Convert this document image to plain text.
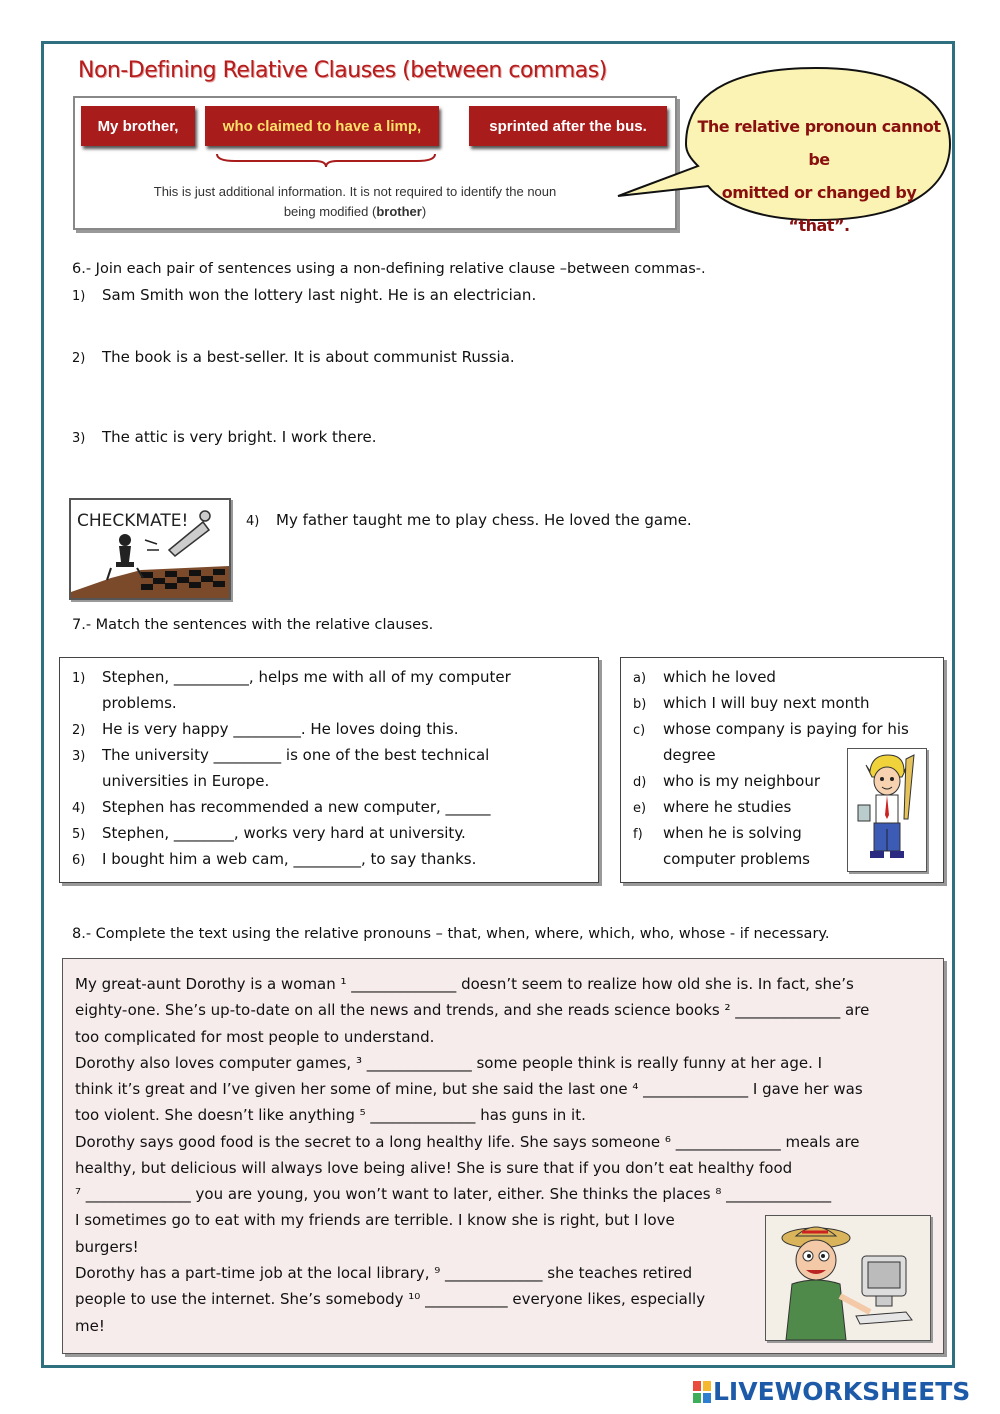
Non-Defining Relative Clauses (between commas)
My brother,	who claimed to have a limp,	sprinted after the bus.
This is just additional information. It is not required to identify the noun
being modified (brother)
The relative pronoun cannot be
omitted or changed by “that”.
6.- Join each pair of sentences using a non-defining relative clause –between commas-.
1) Sam Smith won the lottery last night. He is an electrician.
2) The book is a best-seller. It is about communist Russia.
3) The attic is very bright. I work there.
CHECKMATE!	4) My father taught me to play chess. He loved the game.
7.- Match the sentences with the relative clauses.
1) Stephen, __________, helps me with all of my computer
problems.
2) He is very happy _________. He loves doing this.
3) The university _________ is one of the best technical
universities in Europe.
4) Stephen has recommended a new computer, ______
5) Stephen, ________, works very hard at university.
6) I bought him a web cam, _________, to say thanks.
a) which he loved
b) which I will buy next month
c) whose company is paying for his
degree
d) who is my neighbour
e) where he studies
f) when he is solving
computer problems
8.- Complete the text using the relative pronouns – that, when, where, which, who, whose - if necessary.
My great-aunt Dorothy is a woman ¹ ______________ doesn’t seem to realize how old she is. In fact, she’s
eighty-one. She’s up-to-date on all the news and trends, and she reads science books ² ______________ are
too complicated for most people to understand.
Dorothy also loves computer games, ³ ______________ some people think is really funny at her age. I
think it’s great and I’ve given her some of mine, but she said the last one ⁴ ______________ I gave her was
too violent. She doesn’t like anything ⁵ ______________ has guns in it.
Dorothy says good food is the secret to a long healthy life. She says someone ⁶ ______________ meals are
healthy, but delicious will always love being alive! She is sure that if you don’t eat healthy food
⁷ ______________ you are young, you won’t want to later, either. She thinks the places ⁸ ______________
I sometimes go to eat with my friends are terrible. I know she is right, but I love
burgers!
Dorothy has a part-time job at the local library, ⁹ _____________ she teaches retired
people to use the internet. She’s somebody ¹⁰ ___________ everyone likes, especially
me!
LIVEWORKSHEETS
